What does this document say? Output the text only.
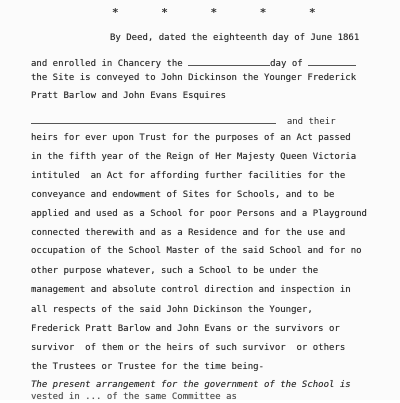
* * * * *
By Deed, dated the eighteenth day of June 1861
and enrolled in Chancery the	day of
the Site is conveyed to John Dickinson the Younger Frederick
Pratt Barlow and John Evans Esquires
and their
heirs for ever upon Trust for the purposes of an Act passed
in the fifth year of the Reign of Her Majesty Queen Victoria
intituled  an Act for affording further facilities for the
conveyance and endowment of Sites for Schools, and to be
applied and used as a School for poor Persons and a Playground
connected therewith and as a Residence and for the use and
occupation of the School Master of the said School and for no
other purpose whatever, such a School to be under the
management and absolute control direction and inspection in
all respects of the said John Dickinson the Younger,
Frederick Pratt Barlow and John Evans or the survivors or
survivor  of them or the heirs of such survivor  or others
the Trustees or Trustee for the time being-
The present arrangement for the government of the School is
vested in ... of the same Committee as
